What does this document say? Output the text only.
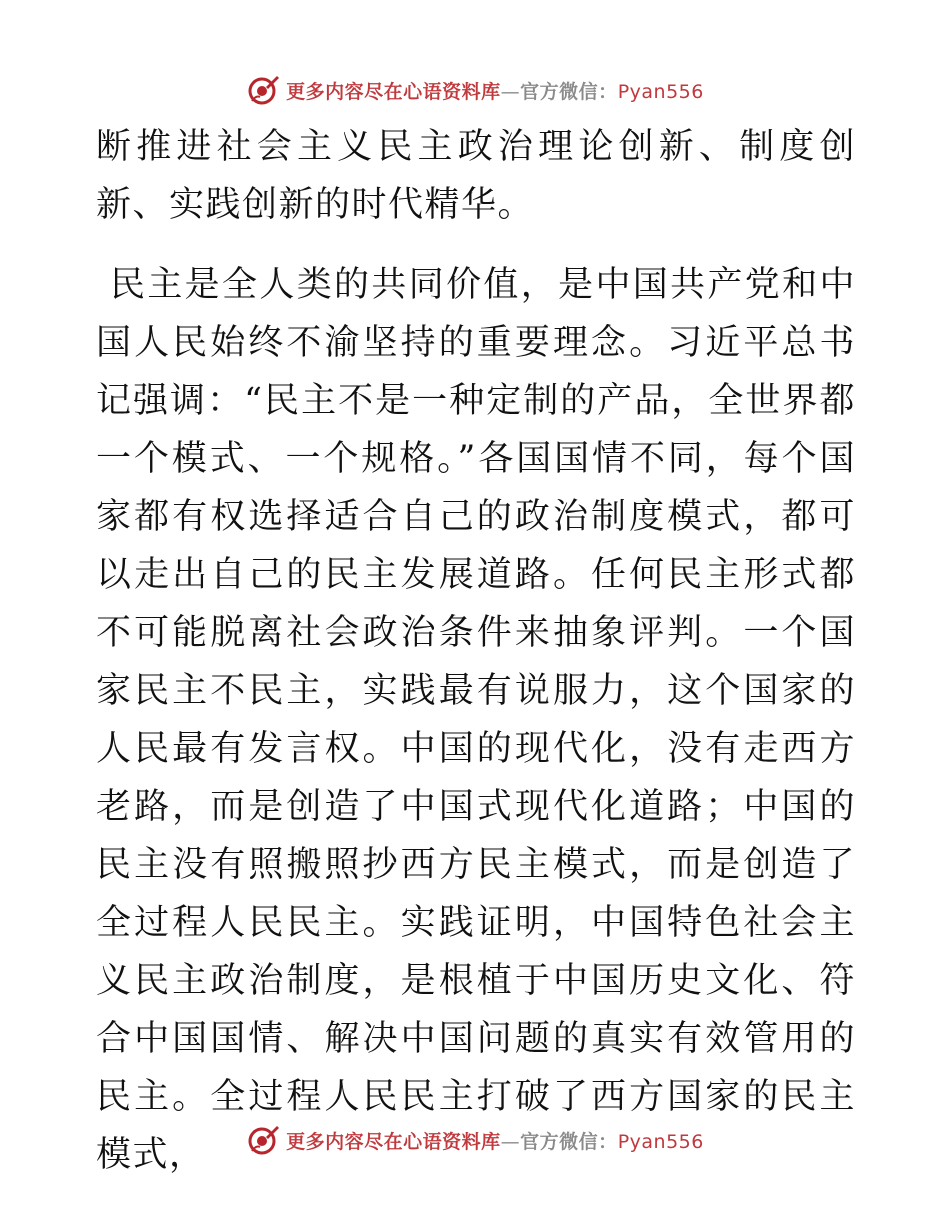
更多内容尽在心语资料库—官方微信：Pyan556

断推进社会主义民主政治理论创新、制度创新、实践创新的时代精华。

民主是全人类的共同价值，是中国共产党和中国人民始终不渝坚持的重要理念。习近平总书记强调：“民主不是一种定制的产品，全世界都一个模式、一个规格。”各国国情不同，每个国家都有权选择适合自己的政治制度模式，都可以走出自己的民主发展道路。任何民主形式都不可能脱离社会政治条件来抽象评判。一个国家民主不民主，实践最有说服力，这个国家的人民最有发言权。中国的现代化，没有走西方老路，而是创造了中国式现代化道路；中国的民主没有照搬照抄西方民主模式，而是创造了全过程人民民主。实践证明，中国特色社会主义民主政治制度，是根植于中国历史文化、符合中国国情、解决中国问题的真实有效管用的民主。全过程人民民主打破了西方国家的民主模式，	更多内容尽在心语资料库—官方微信：Pyan556
